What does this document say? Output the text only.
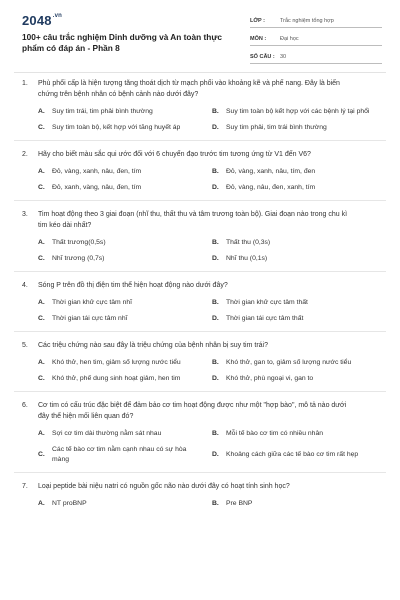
$2048^{.vn}$
100+ câu trắc nghiệm Dinh dưỡng và An toàn thực phẩm có đáp án - Phần 8
LỚP :	Trắc nghiệm tổng hợp
MÔN :	Đại học
SỐ CÂU : 30
1.	Phù phổi cấp là hiện tượng tăng thoát dịch từ mạch phổi vào khoảng kẽ và phế nang. Đây là biến chứng trên bệnh nhân có bệnh cảnh nào dưới đây?
A.	Suy tim trái, tim phải bình thường	B.	Suy tim toàn bộ kết hợp với các bệnh lý tại phổi
C.	Suy tim toàn bộ, kết hợp với tăng huyết áp	D.	Suy tim phải, tim trái bình thường
2.	Hãy cho biết màu sắc qui ước đối với 6 chuyển đạo trước tim tương ứng từ V1 đến V6?
A.	Đỏ, vàng, xanh, nâu, đen, tím	B.	Đỏ, vàng, xanh, nâu, tím, đen
C.	Đỏ, xanh, vàng, nâu, đen, tím	D.	Đỏ, vàng, nâu, đen, xanh, tím
3.	Tim hoạt động theo 3 giai đoạn (nhĩ thu, thất thu và tâm trương toàn bộ). Giai đoạn nào trong chu kì tim kéo dài nhất?
A.	Thất trương(0,5s)	B.	Thất thu (0,3s)
C.	Nhĩ trương (0,7s)	D.	Nhĩ thu (0,1s)
4.	Sóng P trên đồ thị điện tim thể hiện hoạt động nào dưới đây?
A.	Thời gian khử cực tâm nhĩ	B.	Thời gian khử cực tâm thất
C.	Thời gian tái cực tâm nhĩ	D.	Thời gian tái cực tâm thất
5.	Các triệu chứng nào sau đây là triệu chứng của bệnh nhân bị suy tim trái?
A.	Khó thở, hen tim, giảm số lượng nước tiểu	B.	Khó thở, gan to, giảm số lượng nước tiểu
C.	Khó thở, phế dung sinh hoạt giảm, hen tim	D.	Khó thở, phù ngoại vi, gan to
6.	Cơ tim có cấu trúc đặc biệt để đảm bảo cơ tim hoạt động được như một "hợp bào", mô tả nào dưới đây thể hiện mối liên quan đó?
A.	Sợi cơ tim dài thường nằm sát nhau	B.	Mỗi tế bào cơ tim có nhiều nhân
C.
Các tế bào cơ tim nằm cạnh nhau có sự hòa màng
D.	Khoảng cách giữa các tế bào cơ tim rất hẹp
7.	Loại peptide bài niệu natri có nguồn gốc não nào dưới đây có hoạt tính sinh học?
A.	NT proBNP	B.	Pre BNP
